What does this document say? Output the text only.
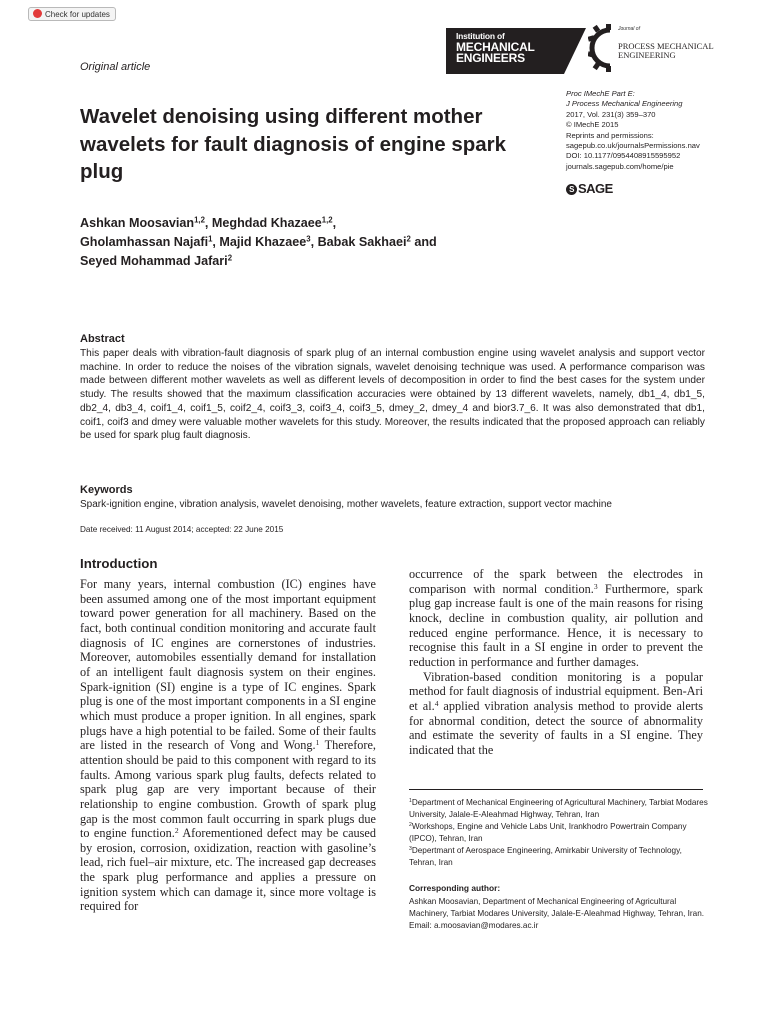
Check for updates
Original article
Institution of
MECHANICAL
ENGINEERS
Journal of
PROCESS MECHANICAL
ENGINEERING
Proc IMechE Part E:
J Process Mechanical Engineering
2017, Vol. 231(3) 359–370
© IMechE 2015
Reprints and permissions:
sagepub.co.uk/journalsPermissions.nav
DOI: 10.1177/0954408915595952
journals.sagepub.com/home/pie
S SAGE
Wavelet denoising using different mother wavelets for fault diagnosis of engine spark plug
Ashkan Moosavian$^{1,2}$, Meghdad Khazaee$^{1,2}$,
Gholamhassan Najafi$^1$, Majid Khazaee$^3$, Babak Sakhaei$^2$ and
Seyed Mohammad Jafari$^2$
Abstract
This paper deals with vibration-fault diagnosis of spark plug of an internal combustion engine using wavelet analysis and support vector machine. In order to reduce the noises of the vibration signals, wavelet denoising technique was used. A performance comparison was made between different mother wavelets as well as different levels of decomposition in order to find the best cases for the system under study. The results showed that the maximum classification accuracies were obtained by 13 different wavelets, namely, db1_4, db1_5, db2_4, db3_4, coif1_4, coif1_5, coif2_4, coif3_3, coif3_4, coif3_5, dmey_2, dmey_4 and bior3.7_6. It was also demonstrated that db1, coif1, coif3 and dmey were valuable mother wavelets for this study. Moreover, the results indicated that the proposed approach can reliably be used for spark plug fault diagnosis.
Keywords
Spark-ignition engine, vibration analysis, wavelet denoising, mother wavelets, feature extraction, support vector machine
Date received: 11 August 2014; accepted: 22 June 2015
Introduction

For many years, internal combustion (IC) engines have been assumed among one of the most important equipment toward power generation for all machinery. Based on the fact, both continual condition monitoring and accurate fault diagnosis of IC engines are cornerstones of industries. Moreover, automobiles essentially demand for installation of an intelligent fault diagnosis system on their engines. Spark-ignition (SI) engine is a type of IC engines. Spark plug is one of the most important components in a SI engine which must produce a proper ignition. In all engines, spark plugs have a high potential to be failed. Some of their faults are listed in the research of Vong and Wong.$^1$ Therefore, attention should be paid to this component with regard to its faults. Among various spark plug faults, defects related to spark plug gap are very important because of their relationship to engine combustion. Growth of spark plug gap is the most common fault occurring in spark plugs due to engine function.$^2$ Aforementioned defect may be caused by erosion, corrosion, oxidization, reaction with gasoline’s lead, rich fuel–air mixture, etc. The increased gap decreases the spark plug performance and applies a pressure on ignition system which can damage it, since more voltage is required for

occurrence of the spark between the electrodes in comparison with normal condition.$^3$ Furthermore, spark plug gap increase fault is one of the main reasons for rising knock, decline in combustion quality, air pollution and reduced engine performance. Hence, it is necessary to recognise this fault in a SI engine in order to prevent the reduction in performance and further damages.

Vibration-based condition monitoring is a popular method for fault diagnosis of industrial equipment. Ben-Ari et al.$^4$ applied vibration analysis method to provide alerts for abnormal condition, detect the source of abnormality and estimate the severity of faults in a SI engine. They indicated that the

$^1$Department of Mechanical Engineering of Agricultural Machinery, Tarbiat Modares University, Jalale-E-Aleahmad Highway, Tehran, Iran
$^2$Workshops, Engine and Vehicle Labs Unit, Irankhodro Powertrain Company (IPCO), Tehran, Iran
$^3$Depertmant of Aerospace Engineering, Amirkabir University of Technology, Tehran, Iran
Corresponding author:
Ashkan Moosavian, Department of Mechanical Engineering of Agricultural Machinery, Tarbiat Modares University, Jalale-E-Aleahmad Highway, Tehran, Iran.
Email: a.moosavian@modares.ac.ir
